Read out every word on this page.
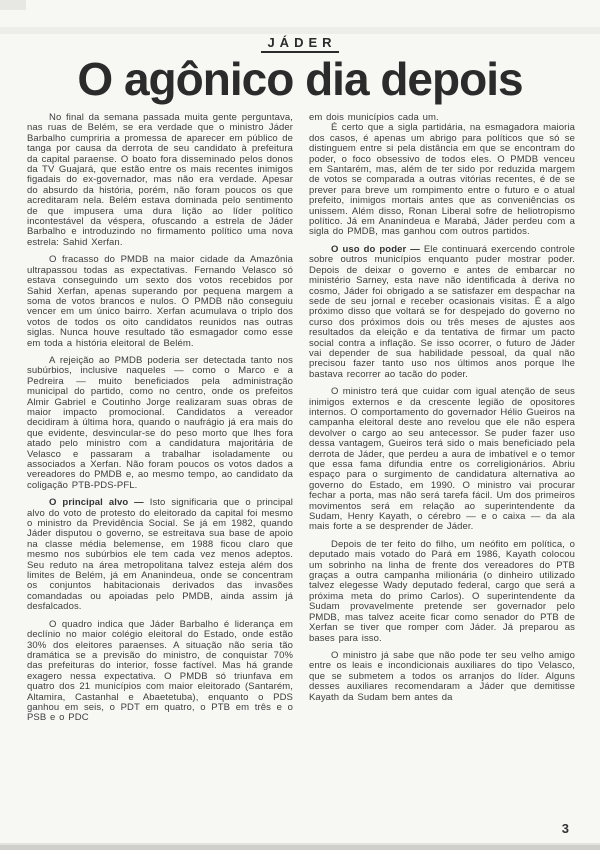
JÁDER
O agônico dia depois

No final da semana passada muita gente perguntava, nas ruas de Belém, se era verdade que o ministro Jáder Barbalho cumpriria a promessa de aparecer em público de tanga por causa da derrota de seu candidato à prefeitura da capital paraense. O boato fora disseminado pelos donos da TV Guajará, que estão entre os mais recentes inimigos figadais do ex-governador, mas não era verdade. Apesar do absurdo da história, porém, não foram poucos os que acreditaram nela. Belém estava dominada pelo sentimento de que impusera uma dura lição ao líder político incontestável da véspera, ofuscando a estrela de Jáder Barbalho e introduzindo no firmamento político uma nova estrela: Sahid Xerfan.

O fracasso do PMDB na maior cidade da Amazônia ultrapassou todas as expectativas. Fernando Velasco só estava conseguindo um sexto dos votos recebidos por Sahid Xerfan, apenas superando por pequena margem a soma de votos brancos e nulos. O PMDB não conseguiu vencer em um único bairro. Xerfan acumulava o triplo dos votos de todos os oito candidatos reunidos nas outras siglas. Nunca houve resultado tão esmagador como esse em toda a história eleitoral de Belém.

A rejeição ao PMDB poderia ser detectada tanto nos subúrbios, inclusive naqueles — como o Marco e a Pedreira — muito beneficiados pela administração municipal do partido, como no centro, onde os prefeitos Almir Gabriel e Coutinho Jorge realizaram suas obras de maior impacto promocional. Candidatos a vereador decidiram à última hora, quando o naufrágio já era mais do que evidente, desvincular-se do peso morto que lhes fora atado pelo ministro com a candidatura majoritária de Velasco e passaram a trabalhar isoladamente ou associados a Xerfan. Não foram poucos os votos dados a vereadores do PMDB e, ao mesmo tempo, ao candidato da coligação PTB-PDS-PFL.

O principal alvo — Isto significaria que o principal alvo do voto de protesto do eleitorado da capital foi mesmo o ministro da Previdência Social. Se já em 1982, quando Jáder disputou o governo, se estreitava sua base de apoio na classe média belemense, em 1988 ficou claro que mesmo nos subúrbios ele tem cada vez menos adeptos. Seu reduto na área metropolitana talvez esteja além dos limites de Belém, já em Ananindeua, onde se concentram os conjuntos habitacionais derivados das invasões comandadas ou apoiadas pelo PMDB, ainda assim já desfalcados.

O quadro indica que Jáder Barbalho é liderança em declínio no maior colégio eleitoral do Estado, onde estão 30% dos eleitores paraenses. A situação não seria tão dramática se a previsão do ministro, de conquistar 70% das prefeituras do interior, fosse factível. Mas há grande exagero nessa expectativa. O PMDB só triunfava em quatro dos 21 municípios com maior eleitorado (Santarém, Altamira, Castanhal e Abaetetuba), enquanto o PDS ganhou em seis, o PDT em quatro, o PTB em três e o PSB e o PDC

em dois municípios cada um.

É certo que a sigla partidária, na esmagadora maioria dos casos, é apenas um abrigo para políticos que só se distinguem entre si pela distância em que se encontram do poder, o foco obsessivo de todos eles. O PMDB venceu em Santarém, mas, além de ter sido por reduzida margem de votos se comparada a outras vitórias recentes, é de se prever para breve um rompimento entre o futuro e o atual prefeito, inimigos mortais antes que as conveniências os unissem. Além disso, Ronan Liberal sofre de heliotropismo político. Já em Ananindeua e Marabá, Jáder perdeu com a sigla do PMDB, mas ganhou com outros partidos.

O uso do poder — Ele continuará exercendo controle sobre outros municípios enquanto puder mostrar poder. Depois de deixar o governo e antes de embarcar no ministério Sarney, esta nave não identificada à deriva no cosmo, Jáder foi obrigado a se satisfazer em despachar na sede de seu jornal e receber ocasionais visitas. É a algo próximo disso que voltará se for despejado do governo no curso dos próximos dois ou três meses de ajustes aos resultados da eleição e da tentativa de firmar um pacto social contra a inflação. Se isso ocorrer, o futuro de Jáder vai depender de sua habilidade pessoal, da qual não precisou fazer tanto uso nos últimos anos porque lhe bastava recorrer ao tacão do poder.

O ministro terá que cuidar com igual atenção de seus inimigos externos e da crescente legião de opositores internos. O comportamento do governador Hélio Gueiros na campanha eleitoral deste ano revelou que ele não espera devolver o cargo ao seu antecessor. Se puder fazer uso dessa vantagem, Gueiros terá sido o mais beneficiado pela derrota de Jáder, que perdeu a aura de imbatível e o temor que essa fama difundia entre os correligionários. Abriu espaço para o surgimento de candidatura alternativa ao governo do Estado, em 1990. O ministro vai procurar fechar a porta, mas não será tarefa fácil. Um dos primeiros movimentos será em relação ao superintendente da Sudam, Henry Kayath, o cérebro — e o caixa — da ala mais forte a se desprender de Jáder.

Depois de ter feito do filho, um neófito em política, o deputado mais votado do Pará em 1986, Kayath colocou um sobrinho na linha de frente dos vereadores do PTB graças a outra campanha milionária (o dinheiro utilizado talvez elegesse Wady deputado federal, cargo que será a próxima meta do primo Carlos). O superintendente da Sudam provavelmente pretende ser governador pelo PMDB, mas talvez aceite ficar como senador do PTB de Xerfan se tiver que romper com Jáder. Já preparou as bases para isso.

O ministro já sabe que não pode ter seu velho amigo entre os leais e incondicionais auxiliares do tipo Velasco, que se submetem a todos os arranjos do líder. Alguns desses auxiliares recomendaram a Jáder que demitisse Kayath da Sudam bem antes da

3
